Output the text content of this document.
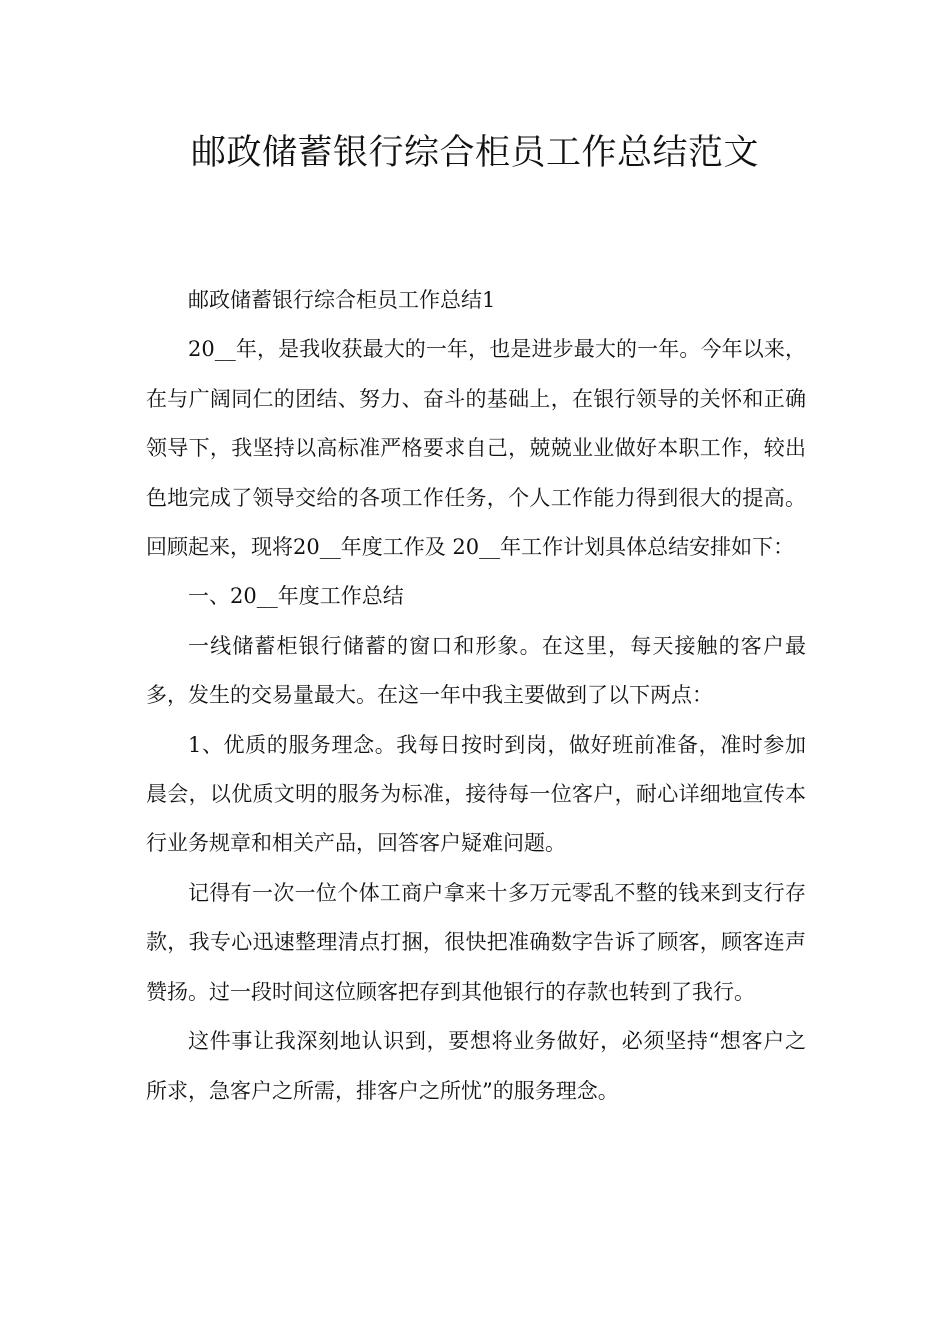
邮政储蓄银行综合柜员工作总结范文

邮政储蓄银行综合柜员工作总结1

20__年，是我收获最大的一年，也是进步最大的一年。今年以来，在与广阔同仁的团结、努力、奋斗的基础上，在银行领导的关怀和正确领导下，我坚持以高标准严格要求自己，兢兢业业做好本职工作，较出色地完成了领导交给的各项工作任务，个人工作能力得到很大的提高。回顾起来，现将20__年度工作及 20__年工作计划具体总结安排如下：

一、20__年度工作总结

一线储蓄柜银行储蓄的窗口和形象。在这里，每天接触的客户最多，发生的交易量最大。在这一年中我主要做到了以下两点：

1、优质的服务理念。我每日按时到岗，做好班前准备，准时参加晨会，以优质文明的服务为标准，接待每一位客户，耐心详细地宣传本行业务规章和相关产品，回答客户疑难问题。

记得有一次一位个体工商户拿来十多万元零乱不整的钱来到支行存款，我专心迅速整理清点打捆，很快把准确数字告诉了顾客，顾客连声赞扬。过一段时间这位顾客把存到其他银行的存款也转到了我行。

这件事让我深刻地认识到，要想将业务做好，必须坚持“想客户之所求，急客户之所需，排客户之所忧”的服务理念。
